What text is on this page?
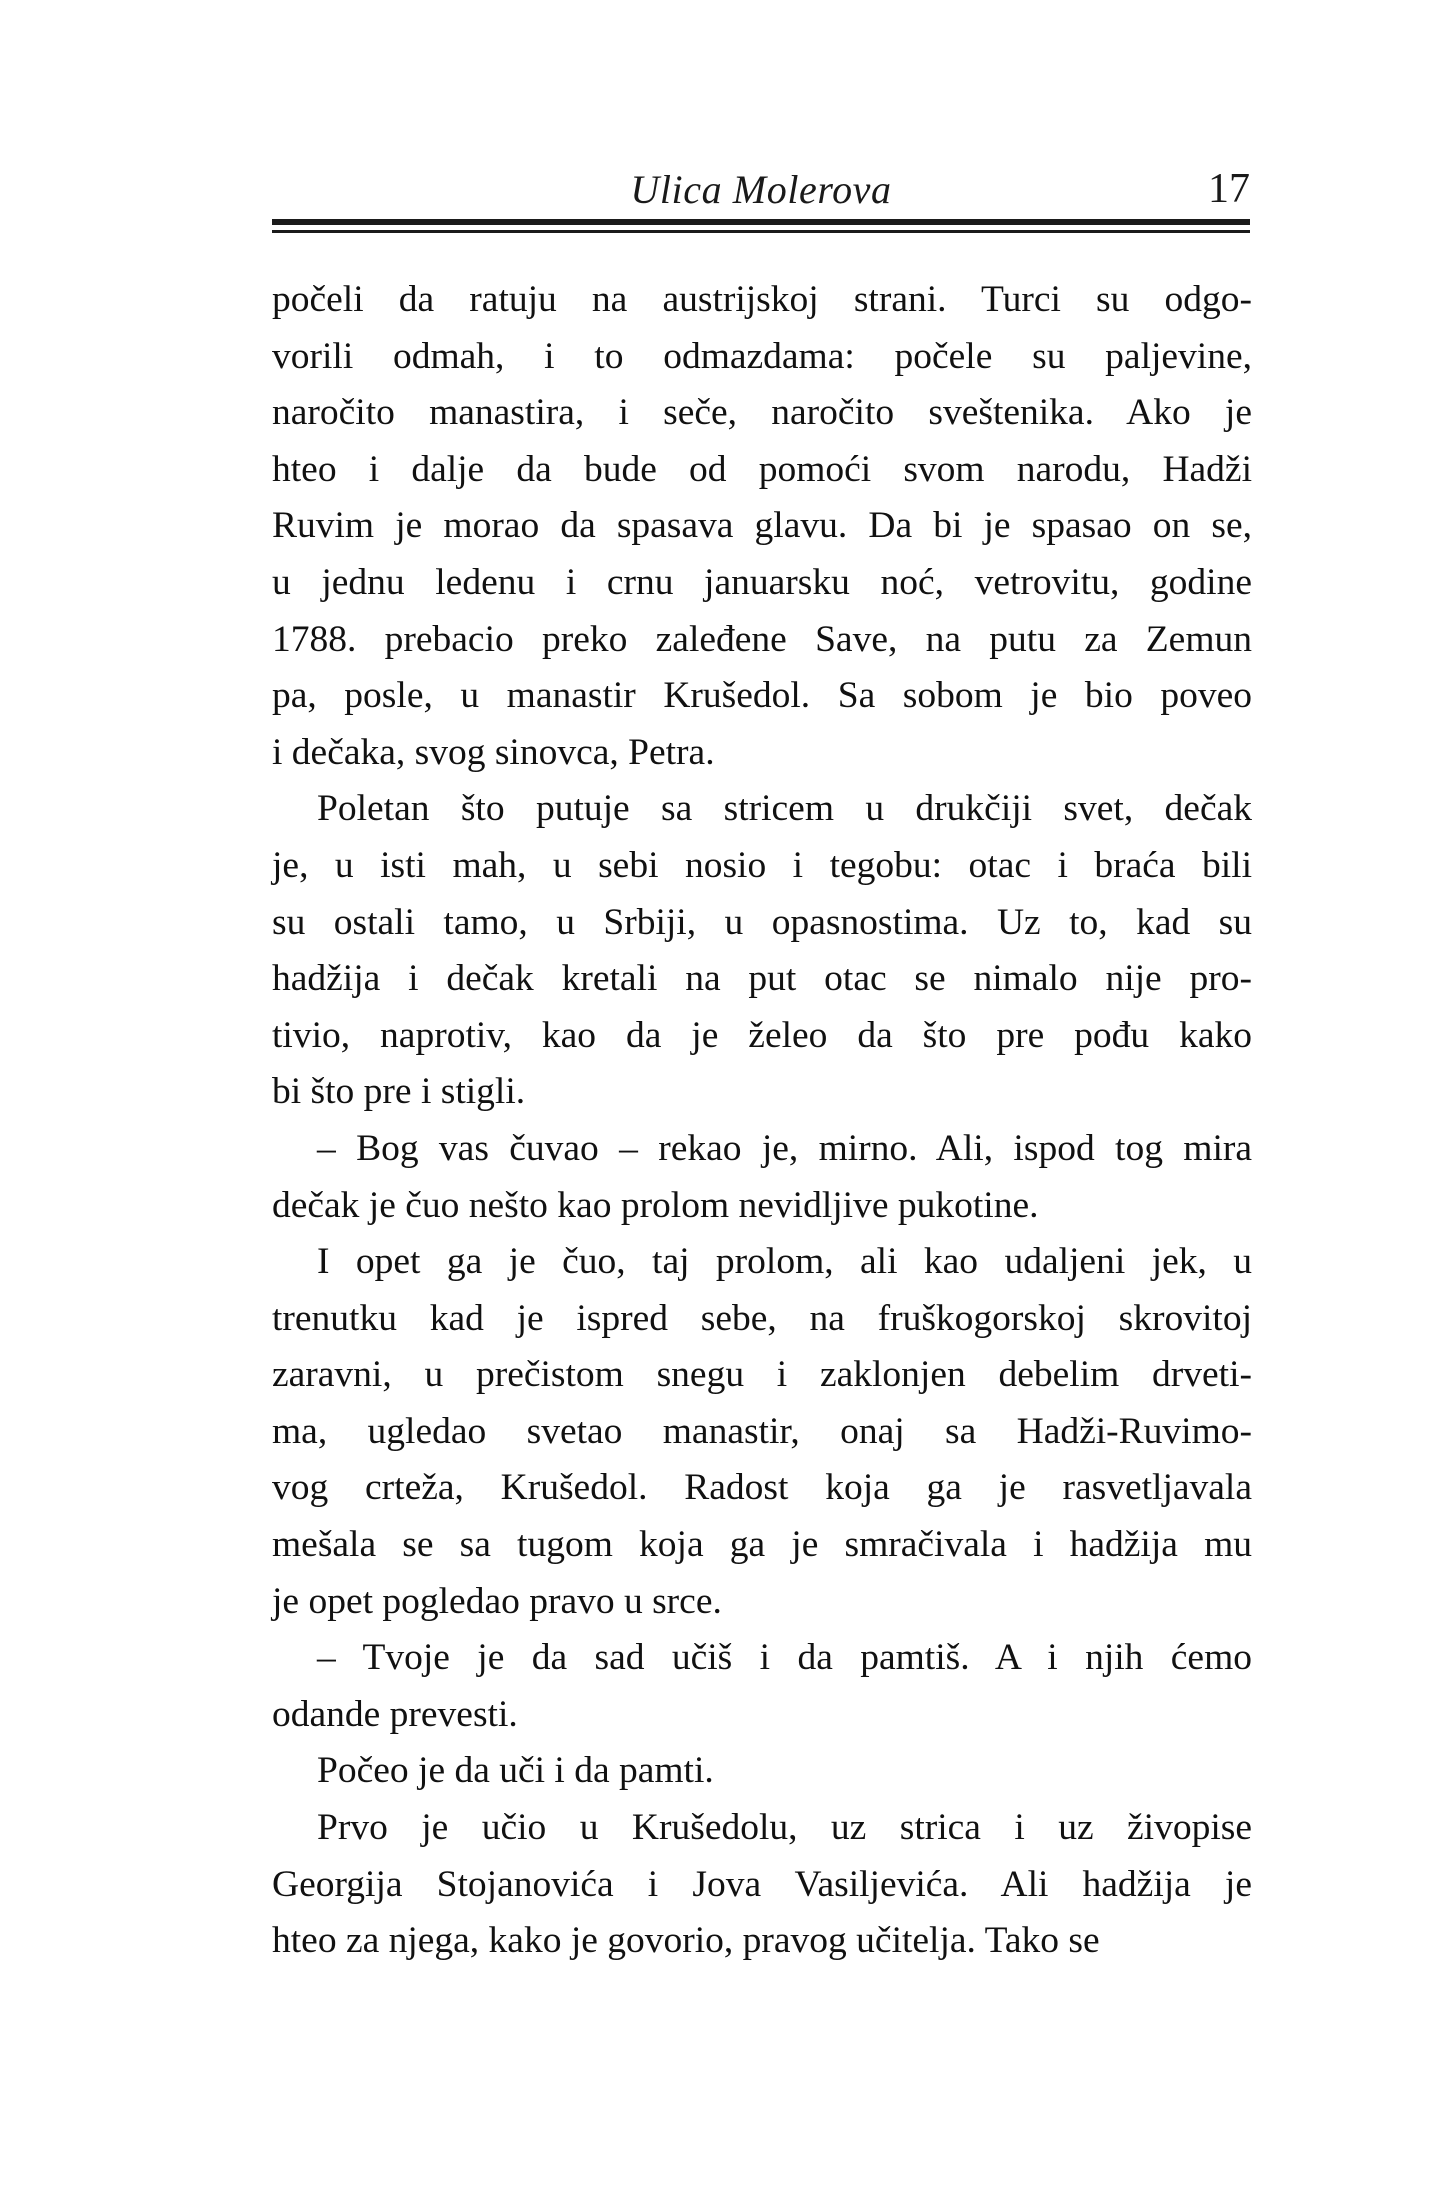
Ulica Molerova	17

počeli da ratuju na austrijskoj strani. Turci su odgo-
vorili odmah, i to odmazdama: počele su paljevine,
naročito manastira, i seče, naročito sveštenika. Ako je
hteo i dalje da bude od pomoći svom narodu, Hadži
Ruvim je morao da spasava glavu. Da bi je spasao on se,
u jednu ledenu i crnu januarsku noć, vetrovitu, godine
1788. prebacio preko zaleđene Save, na putu za Zemun
pa, posle, u manastir Krušedol. Sa sobom je bio poveo
i dečaka, svog sinovca, Petra.

Poletan što putuje sa stricem u drukčiji svet, dečak
je, u isti mah, u sebi nosio i tegobu: otac i braća bili
su ostali tamo, u Srbiji, u opasnostima. Uz to, kad su
hadžija i dečak kretali na put otac se nimalo nije pro-
tivio, naprotiv, kao da je želeo da što pre pođu kako
bi što pre i stigli.

– Bog vas čuvao – rekao je, mirno. Ali, ispod tog mira
dečak je čuo nešto kao prolom nevidljive pukotine.

I opet ga je čuo, taj prolom, ali kao udaljeni jek, u
trenutku kad je ispred sebe, na fruškogorskoj skrovitoj
zaravni, u prečistom snegu i zaklonjen debelim drveti-
ma, ugledao svetao manastir, onaj sa Hadži-Ruvimo-
vog crteža, Krušedol. Radost koja ga je rasvetljavala
mešala se sa tugom koja ga je smračivala i hadžija mu
je opet pogledao pravo u srce.

– Tvoje je da sad učiš i da pamtiš. A i njih ćemo
odande prevesti.

Počeo je da uči i da pamti.

Prvo je učio u Krušedolu, uz strica i uz živopise
Georgija Stojanovića i Jova Vasiljevića. Ali hadžija je
hteo za njega, kako je govorio, pravog učitelja. Tako se
